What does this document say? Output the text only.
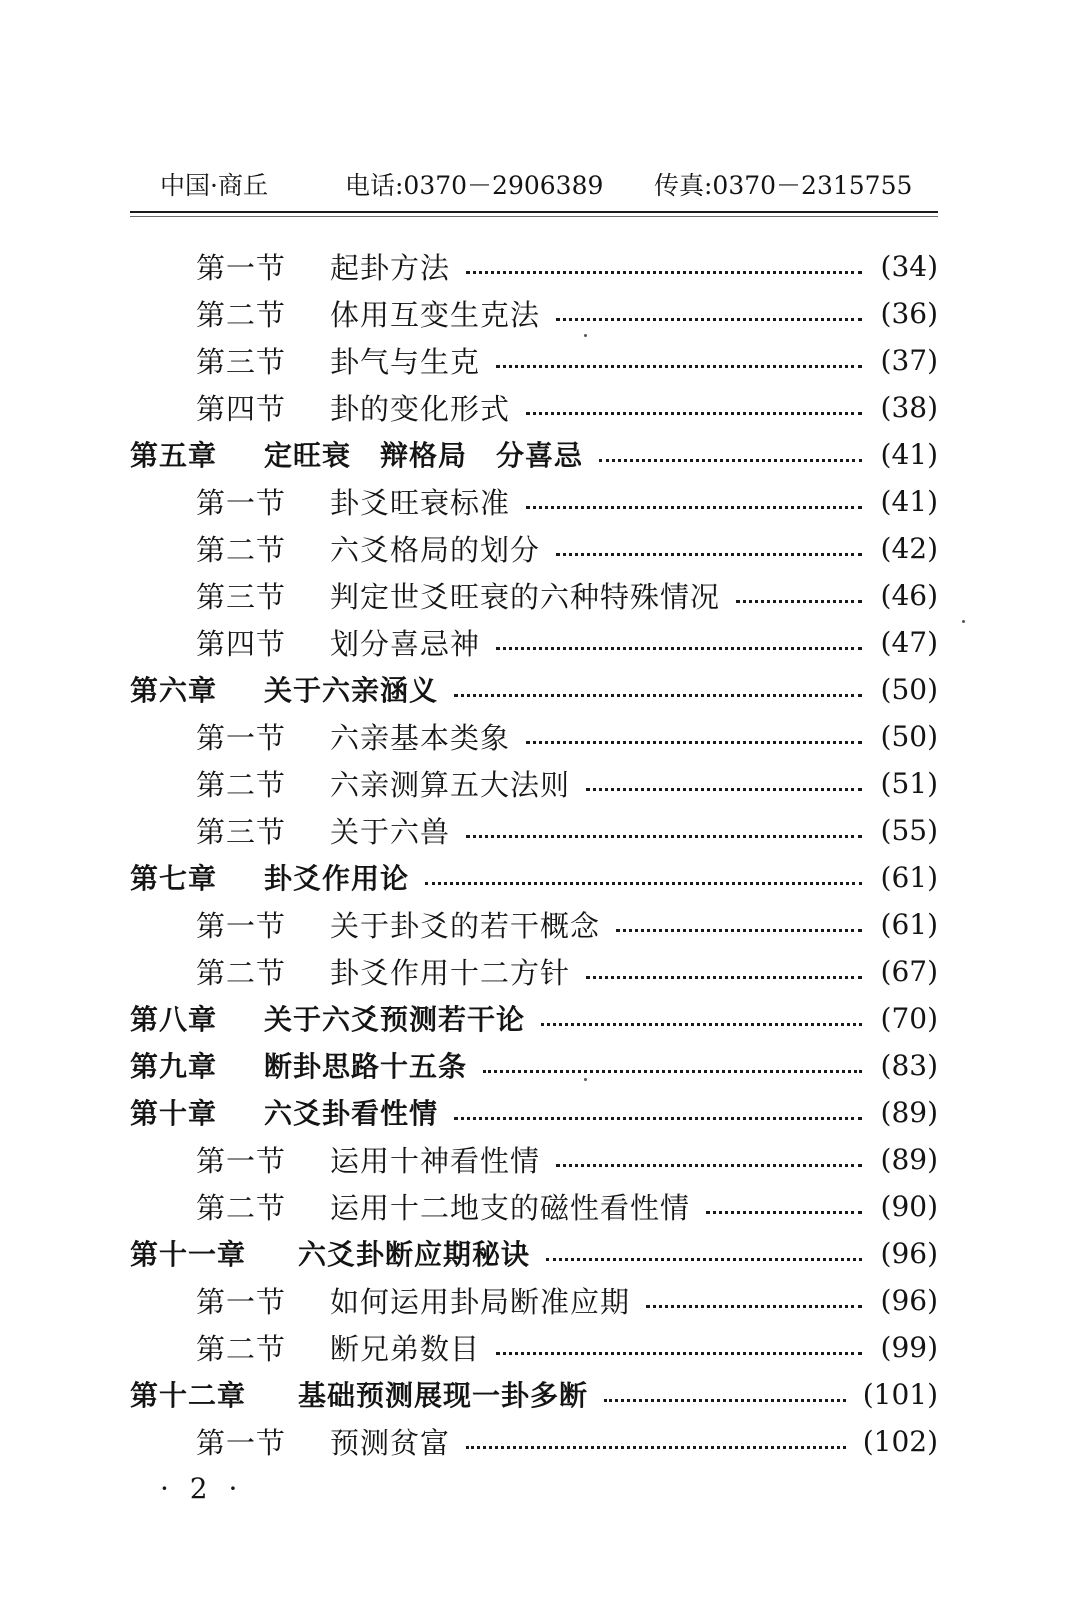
中国·商丘	电话:0370－2906389 传真:0370－2315755
第一节	起卦方法	(34)
第二节	体用互变生克法	(36)
第三节	卦气与生克	(37)
第四节	卦的变化形式	(38)
第五章	定旺衰　辩格局　分喜忌	(41)
第一节	卦爻旺衰标准	(41)
第二节	六爻格局的划分	(42)
第三节	判定世爻旺衰的六种特殊情况	(46)
第四节	划分喜忌神	(47)
第六章	关于六亲涵义	(50)
第一节	六亲基本类象	(50)
第二节	六亲测算五大法则	(51)
第三节	关于六兽	(55)
第七章	卦爻作用论	(61)
第一节	关于卦爻的若干概念	(61)
第二节	卦爻作用十二方针	(67)
第八章	关于六爻预测若干论	(70)
第九章	断卦思路十五条	(83)
第十章	六爻卦看性情	(89)
第一节	运用十神看性情	(89)
第二节	运用十二地支的磁性看性情	(90)
第十一章	六爻卦断应期秘诀	(96)
第一节	如何运用卦局断准应期	(96)
第二节	断兄弟数目	(99)
第十二章	基础预测展现一卦多断	(101)
第一节	预测贫富	(102)
· 2 ·
